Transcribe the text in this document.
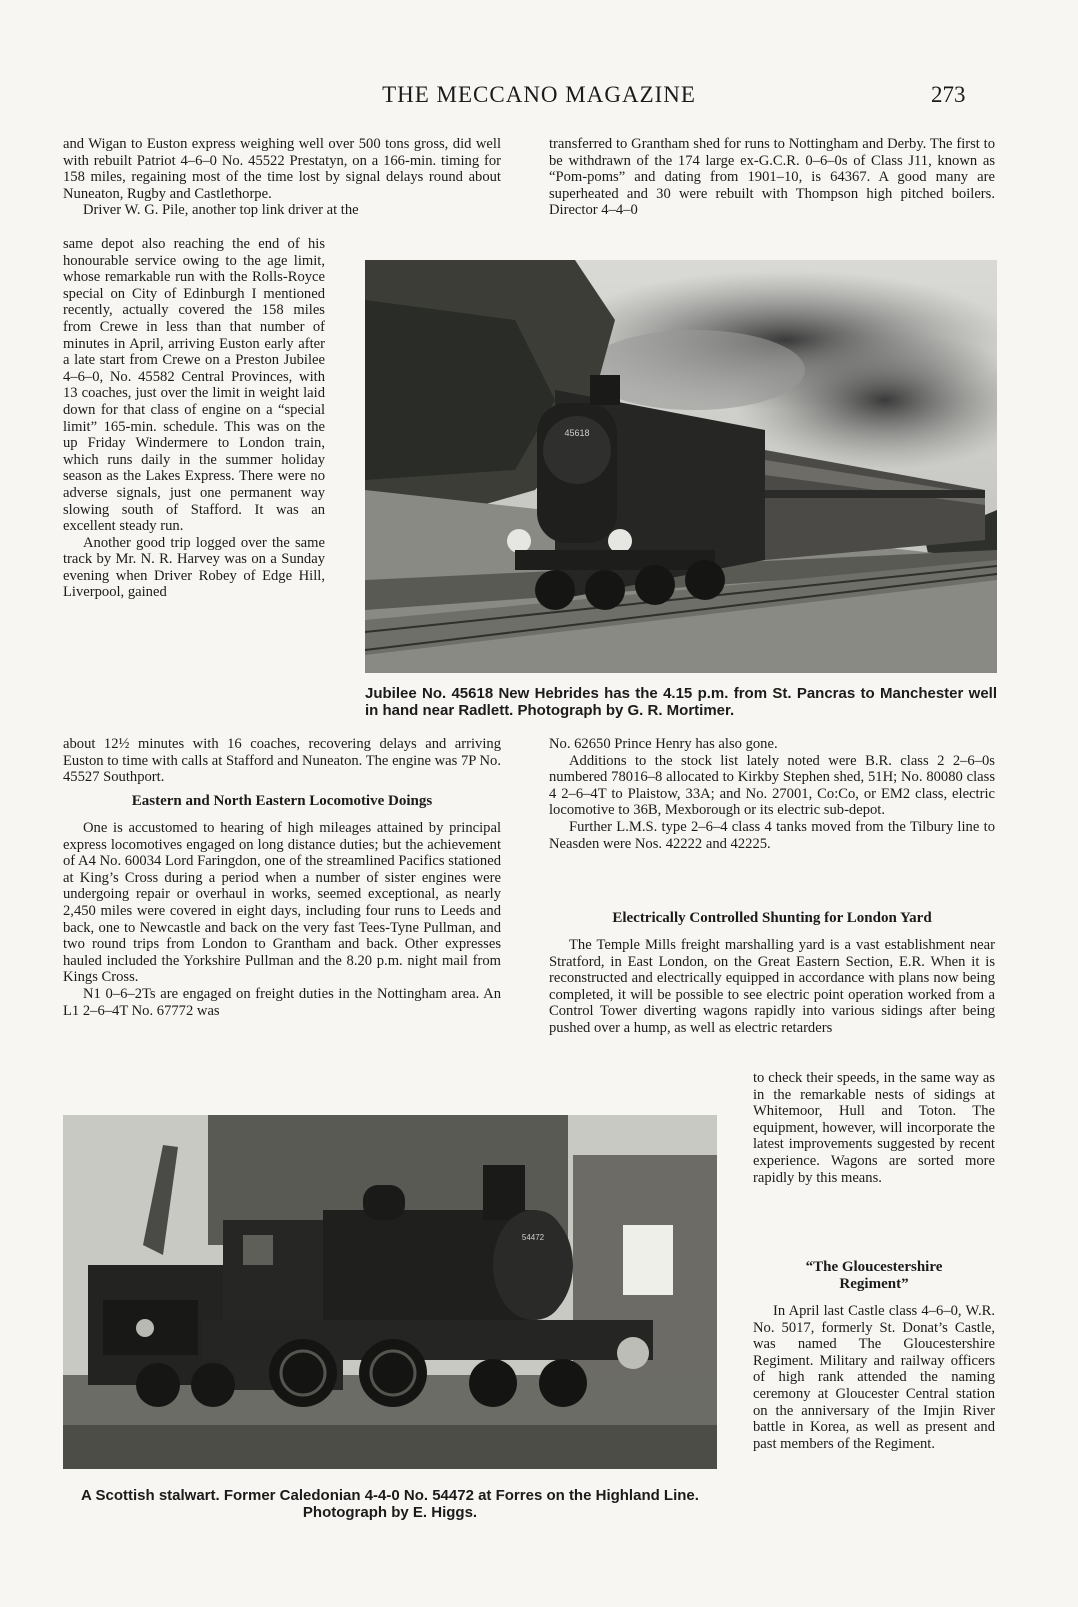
THE MECCANO MAGAZINE	273

and Wigan to Euston express weighing well over 500 tons gross, did well with rebuilt Patriot 4–6–0 No. 45522 Prestatyn, on a 166-min. timing for 158 miles, regaining most of the time lost by signal delays round about Nuneaton, Rugby and Castlethorpe.

Driver W. G. Pile, another top link driver at the

same depot also reaching the end of his honourable service owing to the age limit, whose remarkable run with the Rolls-Royce special on City of Edinburgh I mentioned recently, actually covered the 158 miles from Crewe in less than that number of minutes in April, arriving Euston early after a late start from Crewe on a Preston Jubilee 4–6–0, No. 45582 Central Provinces, with 13 coaches, just over the limit in weight laid down for that class of engine on a “special limit” 165-min. schedule. This was on the up Friday Windermere to London train, which runs daily in the summer holiday season as the Lakes Express. There were no adverse signals, just one permanent way slowing south of Stafford. It was an excellent steady run.

Another good trip logged over the same track by Mr. N. R. Harvey was on a Sunday evening when Driver Robey of Edge Hill, Liverpool, gained

about 12½ minutes with 16 coaches, recovering delays and arriving Euston to time with calls at Stafford and Nuneaton. The engine was 7P No. 45527 Southport.

Eastern and North Eastern Locomotive Doings

One is accustomed to hearing of high mileages attained by principal express locomotives engaged on long distance duties; but the achievement of A4 No. 60034 Lord Faringdon, one of the streamlined Pacifics stationed at King’s Cross during a period when a number of sister engines were undergoing repair or overhaul in works, seemed exceptional, as nearly 2,450 miles were covered in eight days, including four runs to Leeds and back, one to Newcastle and back on the very fast Tees-Tyne Pullman, and two round trips from London to Grantham and back. Other expresses hauled included the Yorkshire Pullman and the 8.20 p.m. night mail from Kings Cross.

N1 0–6–2Ts are engaged on freight duties in the Nottingham area. An L1 2–6–4T No. 67772 was

transferred to Grantham shed for runs to Nottingham and Derby. The first to be withdrawn of the 174 large ex-G.C.R. 0–6–0s of Class J11, known as “Pom-poms” and dating from 1901–10, is 64367. A good many are superheated and 30 were rebuilt with Thompson high pitched boilers. Director 4–4–0

No. 62650 Prince Henry has also gone.

Additions to the stock list lately noted were B.R. class 2 2–6–0s numbered 78016–8 allocated to Kirkby Stephen shed, 51H; No. 80080 class 4 2–6–4T to Plaistow, 33A; and No. 27001, Co:Co, or EM2 class, electric locomotive to 36B, Mexborough or its electric sub-depot.

Further L.M.S. type 2–6–4 class 4 tanks moved from the Tilbury line to Neasden were Nos. 42222 and 42225.

Electrically Controlled Shunting for London Yard

The Temple Mills freight marshalling yard is a vast establishment near Stratford, in East London, on the Great Eastern Section, E.R. When it is reconstructed and electrically equipped in accordance with plans now being completed, it will be possible to see electric point operation worked from a Control Tower diverting wagons rapidly into various sidings after being pushed over a hump, as well as electric retarders

to check their speeds, in the same way as in the remarkable nests of sidings at Whitemoor, Hull and Toton. The equipment, however, will incorporate the latest improvements suggested by recent experience. Wagons are sorted more rapidly by this means.

“The Gloucestershire
Regiment”

In April last Castle class 4–6–0, W.R. No. 5017, formerly St. Donat’s Castle, was named The Gloucestershire Regiment. Military and railway officers of high rank attended the naming ceremony at Gloucester Central station on the anniversary of the Imjin River battle in Korea, as well as present and past members of the Regiment.

45618
Jubilee No. 45618 New Hebrides has the 4.15 p.m. from St. Pancras to Manchester well in hand near Radlett. Photograph by G. R. Mortimer.
54472
A Scottish stalwart. Former Caledonian 4-4-0 No. 54472 at Forres on the Highland Line. Photograph by E. Higgs.
